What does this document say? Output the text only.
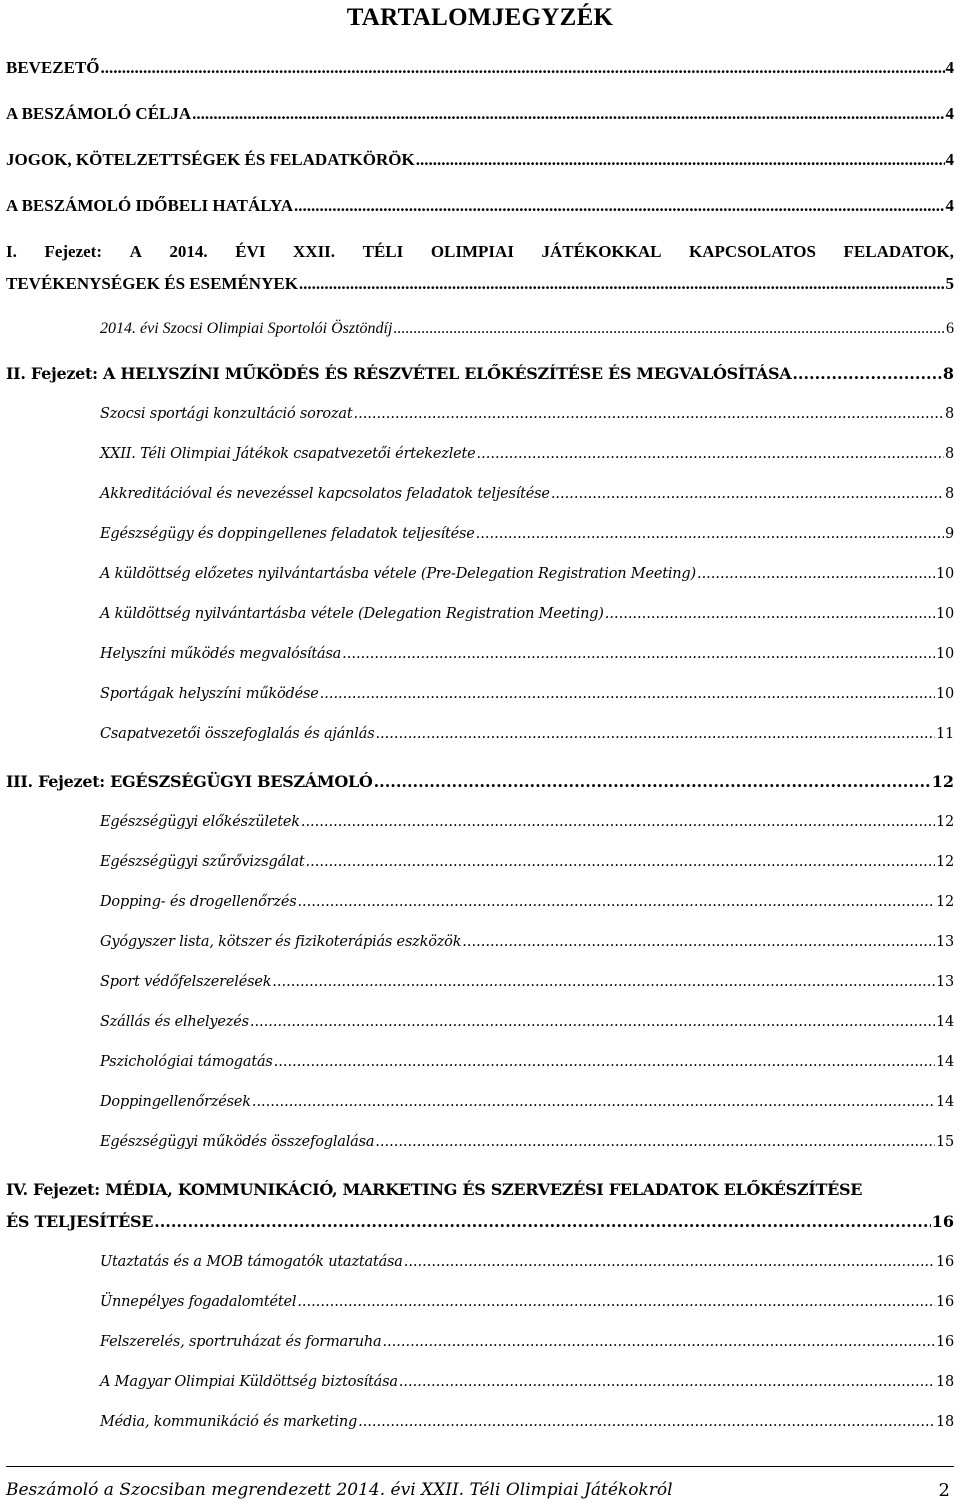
TARTALOMJEGYZÉK
BEVEZETŐ .....	4
A BESZÁMOLÓ CÉLJA .....	4
JOGOK, KÖTELZETTSÉGEK ÉS FELADATKÖRÖK .....	4
A BESZÁMOLÓ IDŐBELI HATÁLYA .....	4
I. Fejezet: A 2014. ÉVI XXII. TÉLI OLIMPIAI JÁTÉKOKKAL KAPCSOLATOS FELADATOK,
TEVÉKENYSÉGEK ÉS ESEMÉNYEK .....	5
2014. évi Szocsi Olimpiai Sportolói Ösztöndíj .....	6
II. Fejezet: A HELYSZÍNI MŰKÖDÉS ÉS RÉSZVÉTEL ELŐKÉSZÍTÉSE ÉS MEGVALÓSÍTÁSA .....	8
Szocsi sportági konzultáció sorozat .....	8
XXII. Téli Olimpiai Játékok csapatvezetői értekezlete .....	8
Akkreditációval és nevezéssel kapcsolatos feladatok teljesítése .....	8
Egészségügy és doppingellenes feladatok teljesítése .....	9
A küldöttség előzetes nyilvántartásba vétele (Pre-Delegation Registration Meeting) .....	10
A küldöttség nyilvántartásba vétele (Delegation Registration Meeting) .....	10
Helyszíni működés megvalósítása .....	10
Sportágak helyszíni működése .....	10
Csapatvezetői összefoglalás és ajánlás .....	11
III. Fejezet: EGÉSZSÉGÜGYI BESZÁMOLÓ .....	12
Egészségügyi előkészületek .....	12
Egészségügyi szűrővizsgálat .....	12
Dopping- és drogellenőrzés .....	12
Gyógyszer lista, kötszer és fizikoterápiás eszközök .....	13
Sport védőfelszerelések .....	13
Szállás és elhelyezés .....	14
Pszichológiai támogatás .....	14
Doppingellenőrzések .....	14
Egészségügyi működés összefoglalása .....	15
IV. Fejezet: MÉDIA, KOMMUNIKÁCIÓ, MARKETING ÉS SZERVEZÉSI FELADATOK ELŐKÉSZÍTÉSE
ÉS TELJESÍTÉSE .....	16
Utaztatás és a MOB támogatók utaztatása .....	16
Ünnepélyes fogadalomtétel .....	16
Felszerelés, sportruházat és formaruha .....	16
A Magyar Olimpiai Küldöttség biztosítása .....	18
Média, kommunikáció és marketing .....	18
Beszámoló a Szocsiban megrendezett 2014. évi XXII. Téli Olimpiai Játékokról	2
